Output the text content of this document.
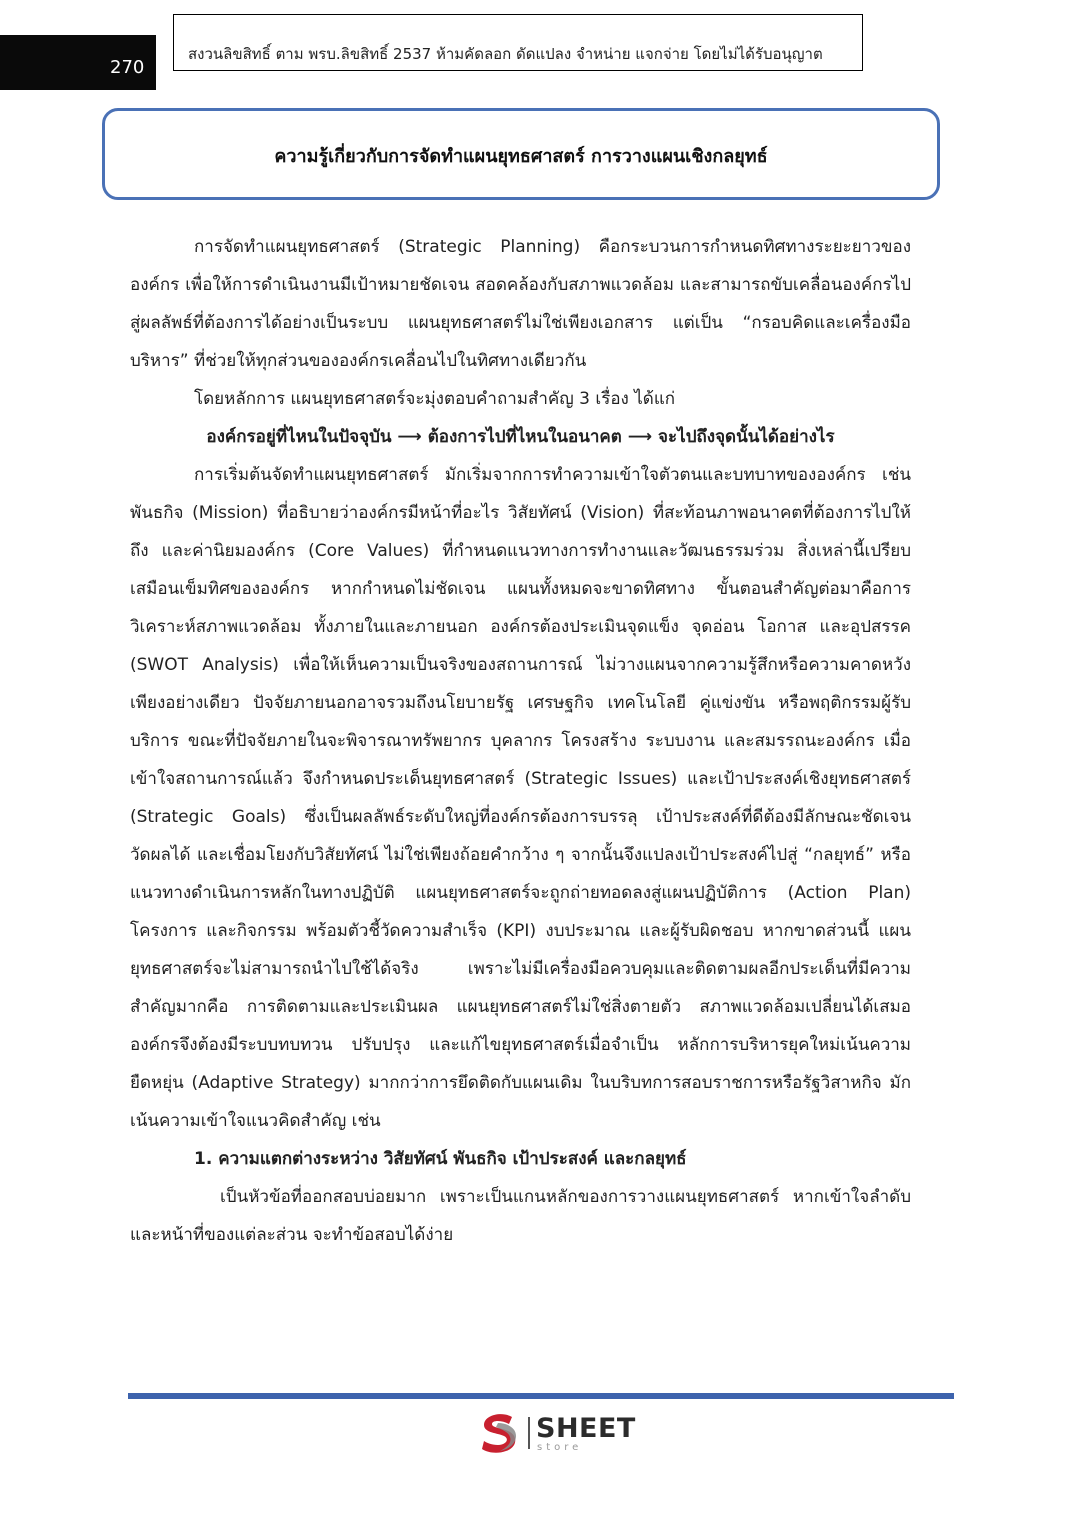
270
สงวนลิขสิทธิ์ ตาม พรบ.ลิขสิทธิ์ 2537 ห้ามคัดลอก ดัดแปลง จำหน่าย แจกจ่าย โดยไม่ได้รับอนุญาต
ความรู้เกี่ยวกับการจัดทำแผนยุทธศาสตร์ การวางแผนเชิงกลยุทธ์

การจัดทำแผนยุทธศาสตร์ (Strategic Planning) คือกระบวนการกำหนดทิศทางระยะยาวขององค์กร เพื่อให้การดำเนินงานมีเป้าหมายชัดเจน สอดคล้องกับสภาพแวดล้อม และสามารถขับเคลื่อนองค์กรไปสู่ผลลัพธ์ที่ต้องการได้อย่างเป็นระบบ แผนยุทธศาสตร์ไม่ใช่เพียงเอกสาร แต่เป็น “กรอบคิดและเครื่องมือบริหาร” ที่ช่วยให้ทุกส่วนขององค์กรเคลื่อนไปในทิศทางเดียวกัน

โดยหลักการ แผนยุทธศาสตร์จะมุ่งตอบคำถามสำคัญ 3 เรื่อง ได้แก่

องค์กรอยู่ที่ไหนในปัจจุบัน ⟶ ต้องการไปที่ไหนในอนาคต ⟶ จะไปถึงจุดนั้นได้อย่างไร

การเริ่มต้นจัดทำแผนยุทธศาสตร์ มักเริ่มจากการทำความเข้าใจตัวตนและบทบาทขององค์กร เช่น พันธกิจ (Mission) ที่อธิบายว่าองค์กรมีหน้าที่อะไร วิสัยทัศน์ (Vision) ที่สะท้อนภาพอนาคตที่ต้องการไปให้ถึง และค่านิยมองค์กร (Core Values) ที่กำหนดแนวทางการทำงานและวัฒนธรรมร่วม สิ่งเหล่านี้เปรียบเสมือนเข็มทิศขององค์กร หากกำหนดไม่ชัดเจน แผนทั้งหมดจะขาดทิศทาง ขั้นตอนสำคัญต่อมาคือการวิเคราะห์สภาพแวดล้อม ทั้งภายในและภายนอก องค์กรต้องประเมินจุดแข็ง จุดอ่อน โอกาส และอุปสรรค (SWOT Analysis) เพื่อให้เห็นความเป็นจริงของสถานการณ์ ไม่วางแผนจากความรู้สึกหรือความคาดหวังเพียงอย่างเดียว ปัจจัยภายนอกอาจรวมถึงนโยบายรัฐ เศรษฐกิจ เทคโนโลยี คู่แข่งขัน หรือพฤติกรรมผู้รับบริการ ขณะที่ปัจจัยภายในจะพิจารณาทรัพยากร บุคลากร โครงสร้าง ระบบงาน และสมรรถนะองค์กร เมื่อเข้าใจสถานการณ์แล้ว จึงกำหนดประเด็นยุทธศาสตร์ (Strategic Issues) และเป้าประสงค์เชิงยุทธศาสตร์ (Strategic Goals) ซึ่งเป็นผลลัพธ์ระดับใหญ่ที่องค์กรต้องการบรรลุ เป้าประสงค์ที่ดีต้องมีลักษณะชัดเจน วัดผลได้ และเชื่อมโยงกับวิสัยทัศน์ ไม่ใช่เพียงถ้อยคำกว้าง ๆ จากนั้นจึงแปลงเป้าประสงค์ไปสู่ “กลยุทธ์” หรือแนวทางดำเนินการหลักในทางปฏิบัติ แผนยุทธศาสตร์จะถูกถ่ายทอดลงสู่แผนปฏิบัติการ (Action Plan) โครงการ และกิจกรรม พร้อมตัวชี้วัดความสำเร็จ (KPI) งบประมาณ และผู้รับผิดชอบ หากขาดส่วนนี้ แผนยุทธศาสตร์จะไม่สามารถนำไปใช้ได้จริง เพราะไม่มีเครื่องมือควบคุมและติดตามผลอีกประเด็นที่มีความสำคัญมากคือ การติดตามและประเมินผล แผนยุทธศาสตร์ไม่ใช่สิ่งตายตัว สภาพแวดล้อมเปลี่ยนได้เสมอ องค์กรจึงต้องมีระบบทบทวน ปรับปรุง และแก้ไขยุทธศาสตร์เมื่อจำเป็น หลักการบริหารยุคใหม่เน้นความยืดหยุ่น (Adaptive Strategy) มากกว่าการยึดติดกับแผนเดิม ในบริบทการสอบราชการหรือรัฐวิสาหกิจ มักเน้นความเข้าใจแนวคิดสำคัญ เช่น

1. ความแตกต่างระหว่าง วิสัยทัศน์ พันธกิจ เป้าประสงค์ และกลยุทธ์

เป็นหัวข้อที่ออกสอบบ่อยมาก เพราะเป็นแกนหลักของการวางแผนยุทธศาสตร์ หากเข้าใจลำดับและหน้าที่ของแต่ละส่วน จะทำข้อสอบได้ง่าย

SHEET
store
